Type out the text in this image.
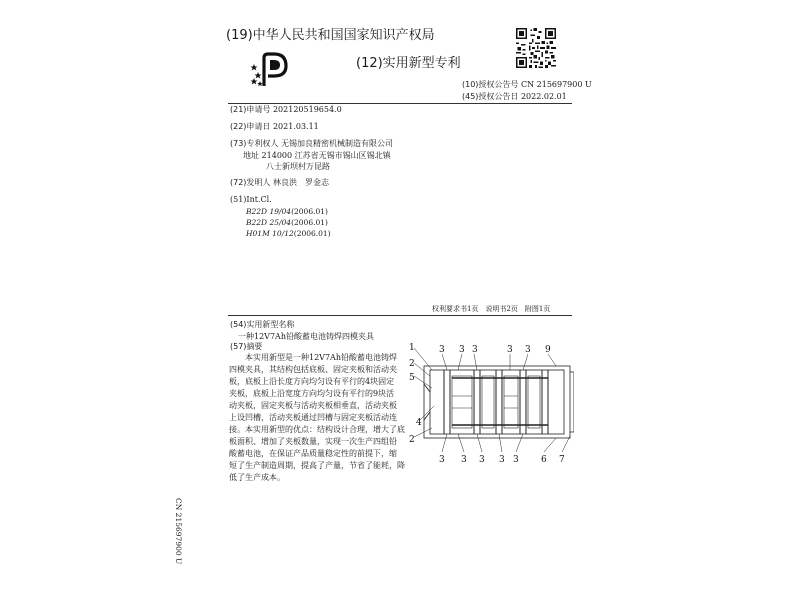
(19)中华人民共和国国家知识产权局
(12)实用新型专利
(10)授权公告号 CN 215697900 U
(45)授权公告日 2022.02.01
(21)申请号 202120519654.0
(22)申请日 2021.03.11
(73)专利权人 无锡加良精密机械制造有限公司
地址 214000 江苏省无锡市锡山区锡北镇
八士新坝村万昆路
(72)发明人 林良洪　罗金志
(51)Int.Cl.
B22D 19/04(2006.01)
B22D 25/04(2006.01)
H01M 10/12(2006.01)
权利要求书1页　说明书2页　附图1页
(54)实用新型名称
一种12V7Ah铅酸蓄电池铸焊四模夹具
(57)摘要
本实用新型是一种12V7Ah铅酸蓄电池铸焊
四模夹具，其结构包括底板、固定夹板和活动夹
板，底板上沿长度方向均匀设有平行的4块固定
夹板，底板上沿宽度方向均匀设有平行的9块活
动夹板，固定夹板与活动夹板相垂直，活动夹板
上设凹槽，活动夹板通过凹槽与固定夹板活动连
接。本实用新型的优点：结构设计合理，增大了底
板面积、增加了夹板数量，实现一次生产四组铅
酸蓄电池，在保证产品质量稳定性的前提下，缩
短了生产制造周期，提高了产量，节省了能耗，降
低了生产成本。
1
2
5
4
2
3 3 3	3 3 9
3 3 3 3 3 6 7
CN 215697900 U
